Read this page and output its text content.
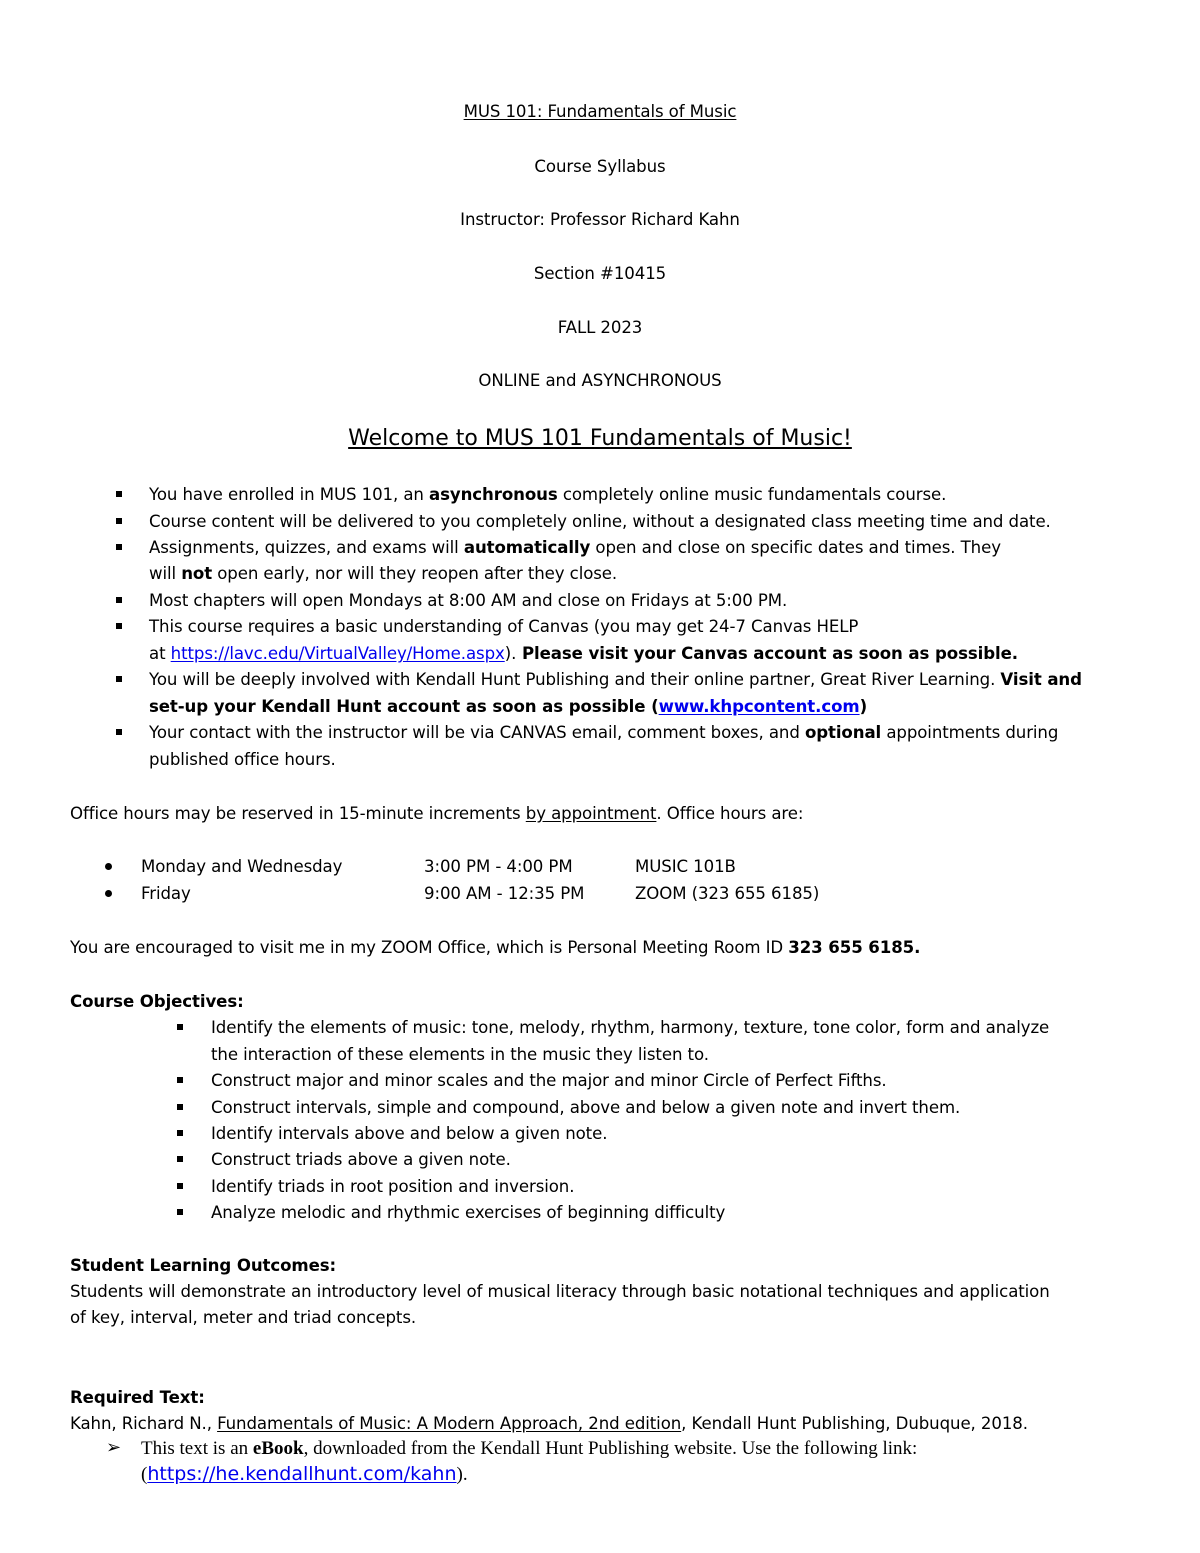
MUS 101: Fundamentals of Music
Course Syllabus
Instructor: Professor Richard Kahn
Section #10415
FALL 2023
ONLINE and ASYNCHRONOUS
Welcome to MUS 101 Fundamentals of Music!
You have enrolled in MUS 101, an asynchronous completely online music fundamentals course.
Course content will be delivered to you completely online, without a designated class meeting time and date.
Assignments, quizzes, and exams will automatically open and close on specific dates and times. They
will not open early, nor will they reopen after they close.
Most chapters will open Mondays at 8:00 AM and close on Fridays at 5:00 PM.
This course requires a basic understanding of Canvas (you may get 24-7 Canvas HELP
at https://lavc.edu/VirtualValley/Home.aspx). Please visit your Canvas account as soon as possible.
You will be deeply involved with Kendall Hunt Publishing and their online partner, Great River Learning. Visit and
set-up your Kendall Hunt account as soon as possible (www.khpcontent.com)
Your contact with the instructor will be via CANVAS email, comment boxes, and optional appointments during
published office hours.
Office hours may be reserved in 15-minute increments by appointment. Office hours are:
Monday and Wednesday	3:00 PM - 4:00 PM	MUSIC 101B
Friday	9:00 AM - 12:35 PM	ZOOM (323 655 6185)
You are encouraged to visit me in my ZOOM Office, which is Personal Meeting Room ID 323 655 6185.
Course Objectives:
Identify the elements of music: tone, melody, rhythm, harmony, texture, tone color, form and analyze
the interaction of these elements in the music they listen to.
Construct major and minor scales and the major and minor Circle of Perfect Fifths.
Construct intervals, simple and compound, above and below a given note and invert them.
Identify intervals above and below a given note.
Construct triads above a given note.
Identify triads in root position and inversion.
Analyze melodic and rhythmic exercises of beginning difficulty
Student Learning Outcomes:
Students will demonstrate an introductory level of musical literacy through basic notational techniques and application
of key, interval, meter and triad concepts.
Required Text:
Kahn, Richard N., Fundamentals of Music: A Modern Approach, 2nd edition, Kendall Hunt Publishing, Dubuque, 2018.
➢ This text is an eBook, downloaded from the Kendall Hunt Publishing website. Use the following link:
(https://he.kendallhunt.com/kahn).
